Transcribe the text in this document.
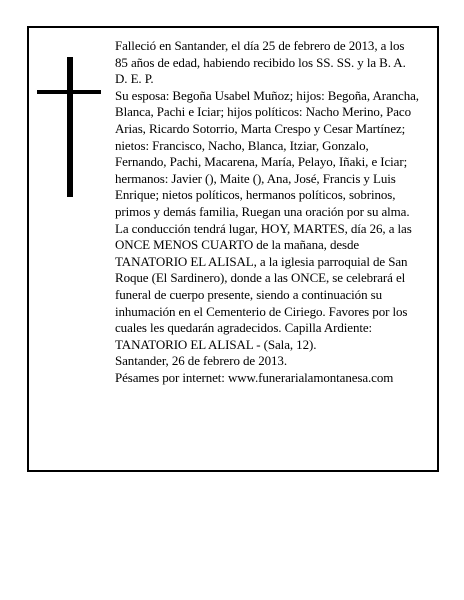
Falleció en Santander, el día 25 de febrero de 2013, a los 85 años de edad, habiendo recibido los SS. SS. y la B. A.

D. E. P.

Su esposa: Begoña Usabel Muñoz; hijos: Begoña, Arancha, Blanca, Pachi e Iciar; hijos políticos: Nacho Merino, Paco Arias, Ricardo Sotorrio, Marta Crespo y Cesar Martínez; nietos: Francisco, Nacho, Blanca, Itziar, Gonzalo, Fernando, Pachi, Macarena, María, Pelayo, Iñaki, e Iciar; hermanos: Javier (), Maite (), Ana, José, Francis y Luis Enrique; nietos políticos, hermanos políticos, sobrinos, primos y demás familia, Ruegan una oración por su alma. La conducción tendrá lugar, HOY, MARTES, día 26, a las ONCE MENOS CUARTO de la mañana, desde TANATORIO EL ALISAL, a la iglesia parroquial de San Roque (El Sardinero), donde a las ONCE, se celebrará el funeral de cuerpo presente, siendo a continuación su inhumación en el Cementerio de Ciriego. Favores por los cuales les quedarán agradecidos. Capilla Ardiente: TANATORIO EL ALISAL - (Sala, 12).

Santander, 26 de febrero de 2013.

Pésames por internet: www.funerarialamontanesa.com
